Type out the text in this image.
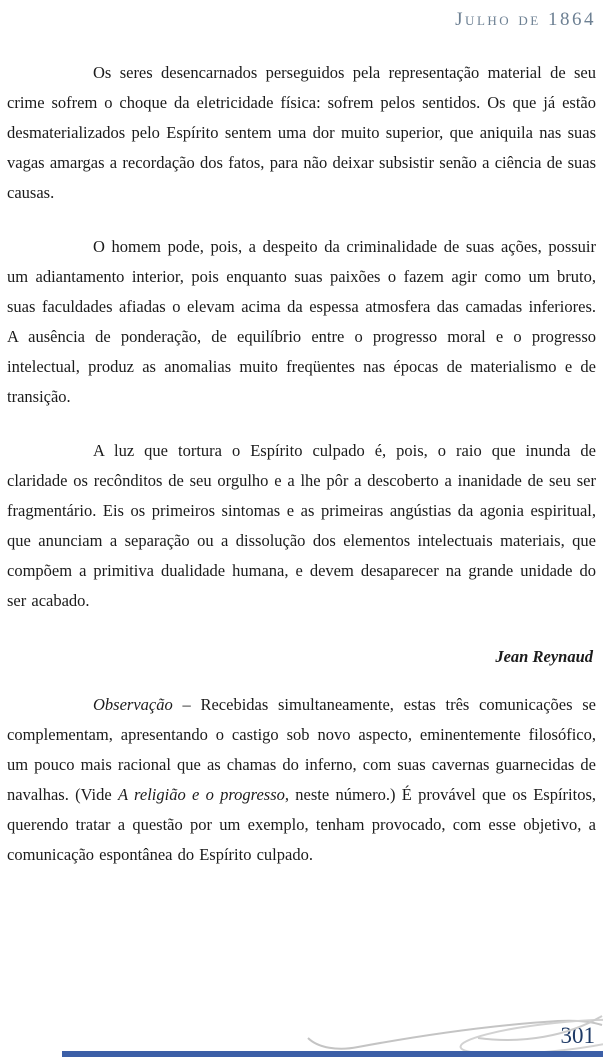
Julho de 1864

Os seres desencarnados perseguidos pela representação material de seu crime sofrem o choque da eletricidade física: sofrem pelos sentidos. Os que já estão desmaterializados pelo Espírito sentem uma dor muito superior, que aniquila nas suas vagas amargas a recordação dos fatos, para não deixar subsistir senão a ciência de suas causas.

O homem pode, pois, a despeito da criminalidade de suas ações, possuir um adiantamento interior, pois enquanto suas paixões o fazem agir como um bruto, suas faculdades afiadas o elevam acima da espessa atmosfera das camadas inferiores. A ausência de ponderação, de equilíbrio entre o progresso moral e o progresso intelectual, produz as anomalias muito freqüentes nas épocas de materialismo e de transição.

A luz que tortura o Espírito culpado é, pois, o raio que inunda de claridade os recônditos de seu orgulho e a lhe pôr a descoberto a inanidade de seu ser fragmentário. Eis os primeiros sintomas e as primeiras angústias da agonia espiritual, que anunciam a separação ou a dissolução dos elementos intelectuais materiais, que compõem a primitiva dualidade humana, e devem desaparecer na grande unidade do ser acabado.

Jean Reynaud

Observação – Recebidas simultaneamente, estas três comunicações se complementam, apresentando o castigo sob novo aspecto, eminentemente filosófico, um pouco mais racional que as chamas do inferno, com suas cavernas guarnecidas de navalhas. (Vide A religião e o progresso, neste número.) É provável que os Espíritos, querendo tratar a questão por um exemplo, tenham provocado, com esse objetivo, a comunicação espontânea do Espírito culpado.

301
